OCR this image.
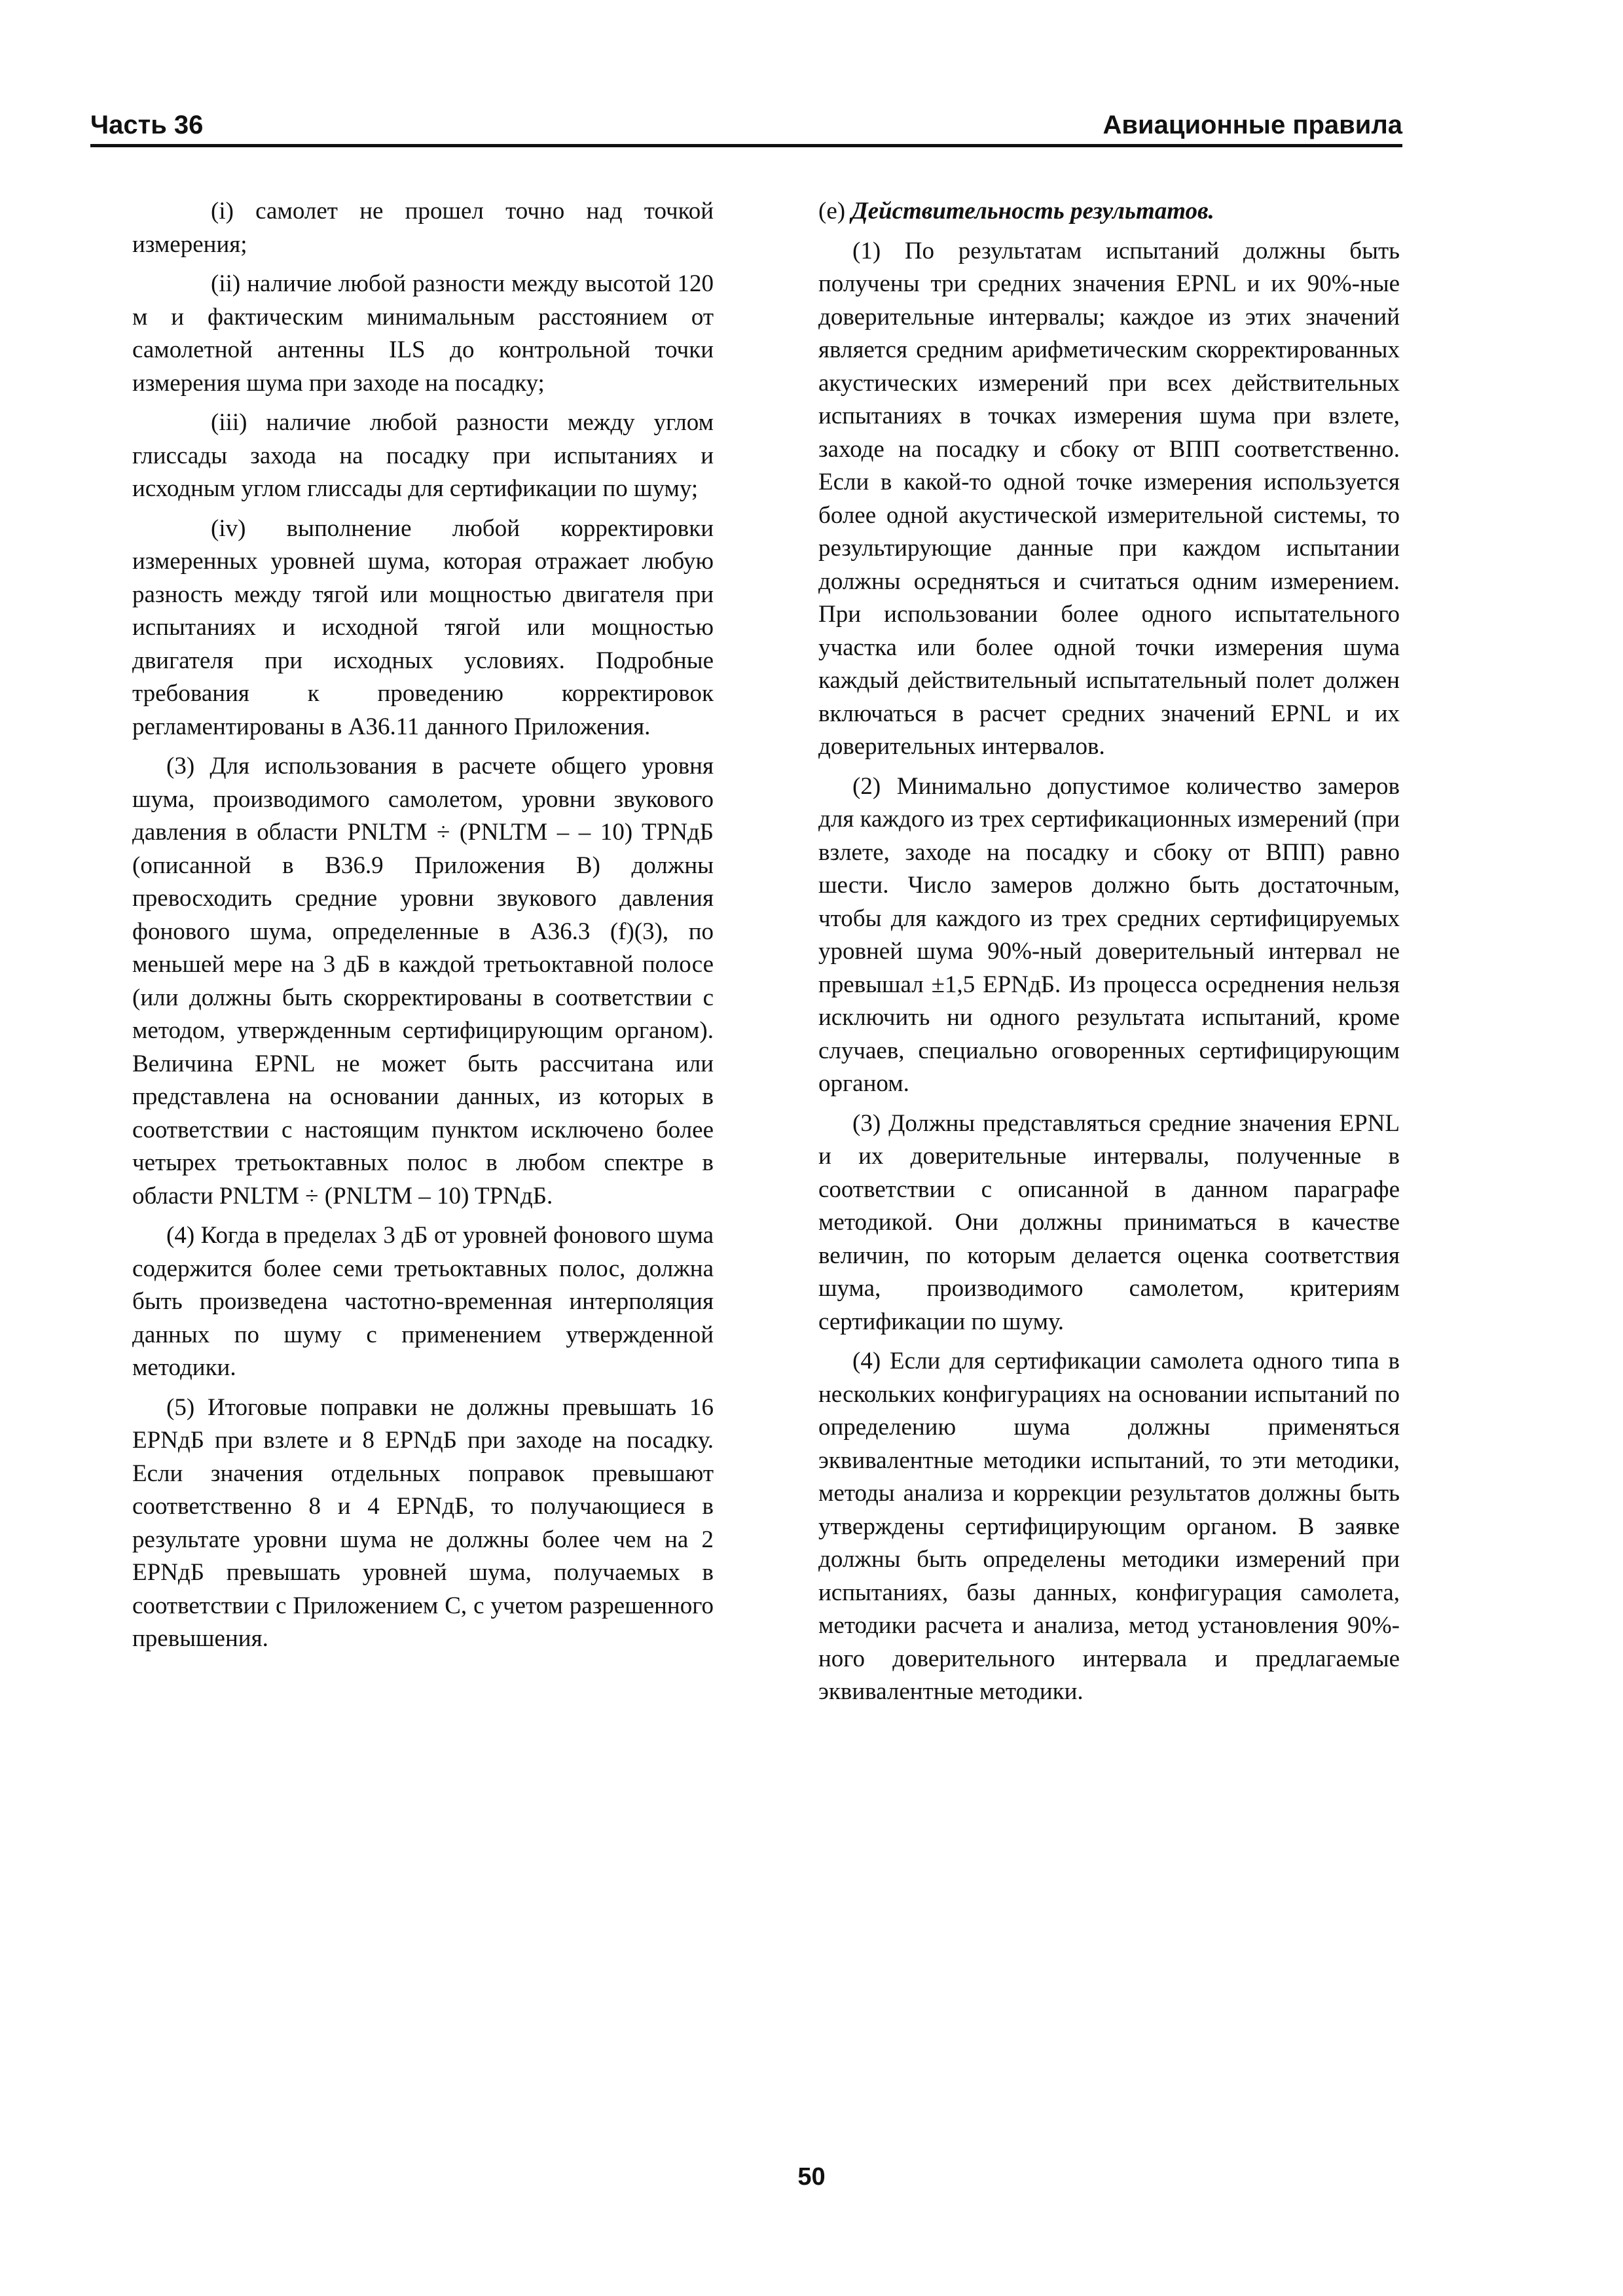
Часть 36	Авиационные правила

(i) самолет не прошел точно над точкой измерения;

(ii) наличие любой разности между высотой 120 м и фактическим минимальным расстоянием от самолетной антенны ILS до контрольной точки измерения шума при заходе на посадку;

(iii) наличие любой разности между углом глиссады захода на посадку при испытаниях и исходным углом глиссады для сертификации по шуму;

(iv) выполнение любой корректировки измеренных уровней шума, которая отражает любую разность между тягой или мощностью двигателя при испытаниях и исходной тягой или мощностью двигателя при исходных условиях. Подробные требования к проведению корректировок регламентированы в А36.11 данного Приложения.

(3) Для использования в расчете общего уровня шума, производимого самолетом, уровни звукового давления в области PNLTM ÷ (PNLTM – – 10) TPNдБ (описанной в B36.9 Приложения B) должны превосходить средние уровни звукового давления фонового шума, определенные в А36.3 (f)(3), по меньшей мере на 3 дБ в каждой третьоктавной полосе (или должны быть скорректированы в соответствии с методом, утвержденным сертифицирующим органом). Величина EPNL не может быть рассчитана или представлена на основании данных, из которых в соответствии с настоящим пунктом исключено более четырех третьоктавных полос в любом спектре в области PNLTM ÷ (PNLTM – 10) TPNдБ.

(4) Когда в пределах 3 дБ от уровней фонового шума содержится более семи третьоктавных полос, должна быть произведена частотно-временная интерполяция данных по шуму с применением утвержденной методики.

(5) Итоговые поправки не должны превышать 16 EPNдБ при взлете и 8 EPNдБ при заходе на посадку. Если значения отдельных поправок превышают соответственно 8 и 4 EPNдБ, то получающиеся в результате уровни шума не должны более чем на 2 EPNдБ превышать уровней шума, получаемых в соответствии с Приложением С, с учетом разрешенного превышения.

(e) Действительность результатов.

(1) По результатам испытаний должны быть получены три средних значения EPNL и их 90%-ные доверительные интервалы; каждое из этих значений является средним арифметическим скорректированных акустических измерений при всех действительных испытаниях в точках измерения шума при взлете, заходе на посадку и сбоку от ВПП соответственно. Если в какой-то одной точке измерения используется более одной акустической измерительной системы, то результирующие данные при каждом испытании должны осредняться и считаться одним измерением. При использовании более одного испытательного участка или более одной точки измерения шума каждый действительный испытательный полет должен включаться в расчет средних значений EPNL и их доверительных интервалов.

(2) Минимально допустимое количество замеров для каждого из трех сертификационных измерений (при взлете, заходе на посадку и сбоку от ВПП) равно шести. Число замеров должно быть достаточным, чтобы для каждого из трех средних сертифицируемых уровней шума 90%-ный доверительный интервал не превышал ±1,5 EPNдБ. Из процесса осреднения нельзя исключить ни одного результата испытаний, кроме случаев, специально оговоренных сертифицирующим органом.

(3) Должны представляться средние значения EPNL и их доверительные интервалы, полученные в соответствии с описанной в данном параграфе методикой. Они должны приниматься в качестве величин, по которым делается оценка соответствия шума, производимого самолетом, критериям сертификации по шуму.

(4) Если для сертификации самолета одного типа в нескольких конфигурациях на основании испытаний по определению шума должны применяться эквивалентные методики испытаний, то эти методики, методы анализа и коррекции результатов должны быть утверждены сертифицирующим органом. В заявке должны быть определены методики измерений при испытаниях, базы данных, конфигурация самолета, методики расчета и анализа, метод установления 90%-ного доверительного интервала и предлагаемые эквивалентные методики.

50
